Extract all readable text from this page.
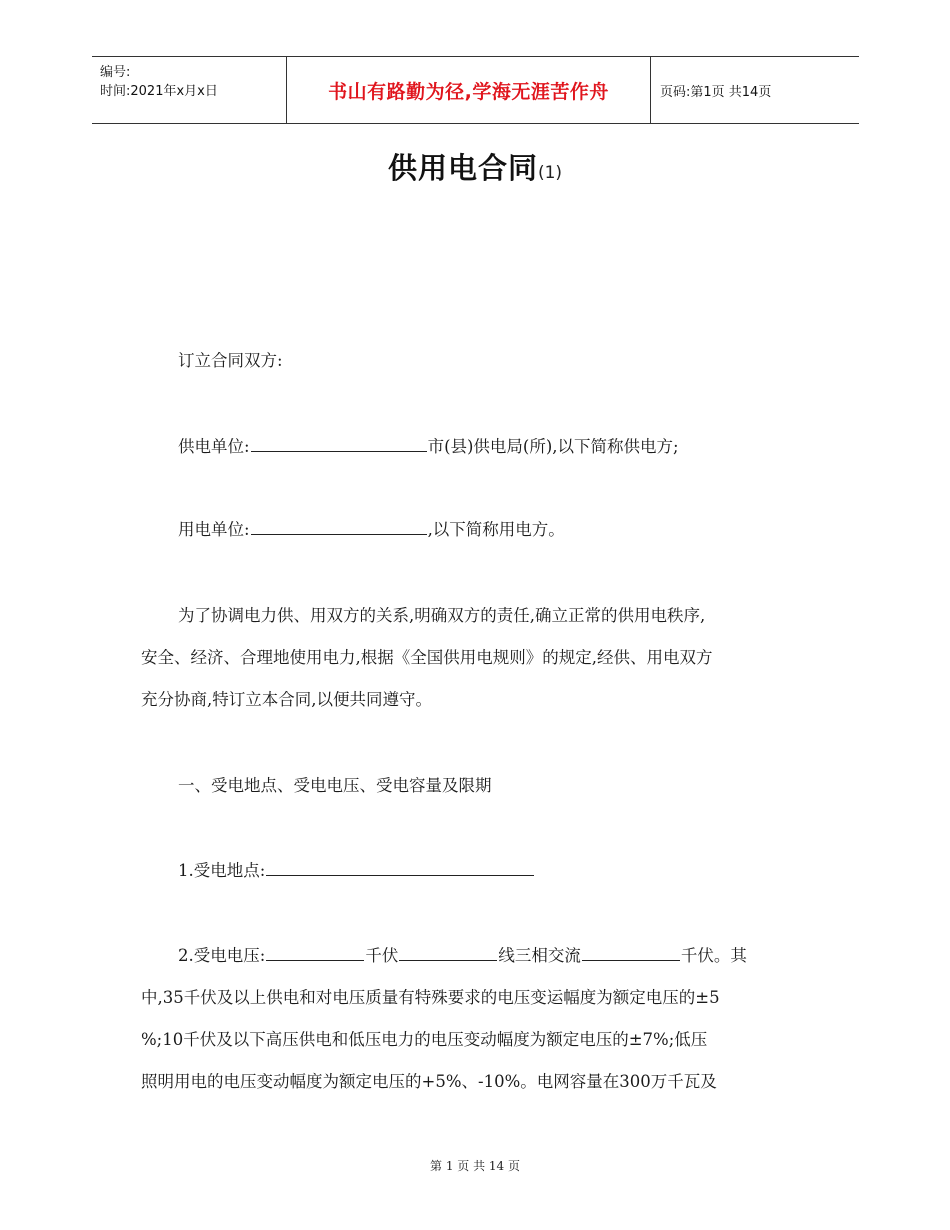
编号:
时间:2021年x月x日	书山有路勤为径,学海无涯苦作舟	页码:第1页 共14页
供用电合同(1)
订立合同双方:
供电单位:	市(县)供电局(所),以下简称供电方;
用电单位:	,以下简称用电方。
为了协调电力供、用双方的关系,明确双方的责任,确立正常的供用电秩序,
安全、经济、合理地使用电力,根据《全国供用电规则》的规定,经供、用电双方
充分协商,特订立本合同,以便共同遵守。
一、受电地点、受电电压、受电容量及限期
1.受电地点:
2.受电电压:	千伏	线三相交流	千伏。其
中,35千伏及以上供电和对电压质量有特殊要求的电压变运幅度为额定电压的±5
%;10千伏及以下高压供电和低压电力的电压变动幅度为额定电压的±7%;低压
照明用电的电压变动幅度为额定电压的+5%、-10%。电网容量在300万千瓦及
第 1 页 共 14 页
